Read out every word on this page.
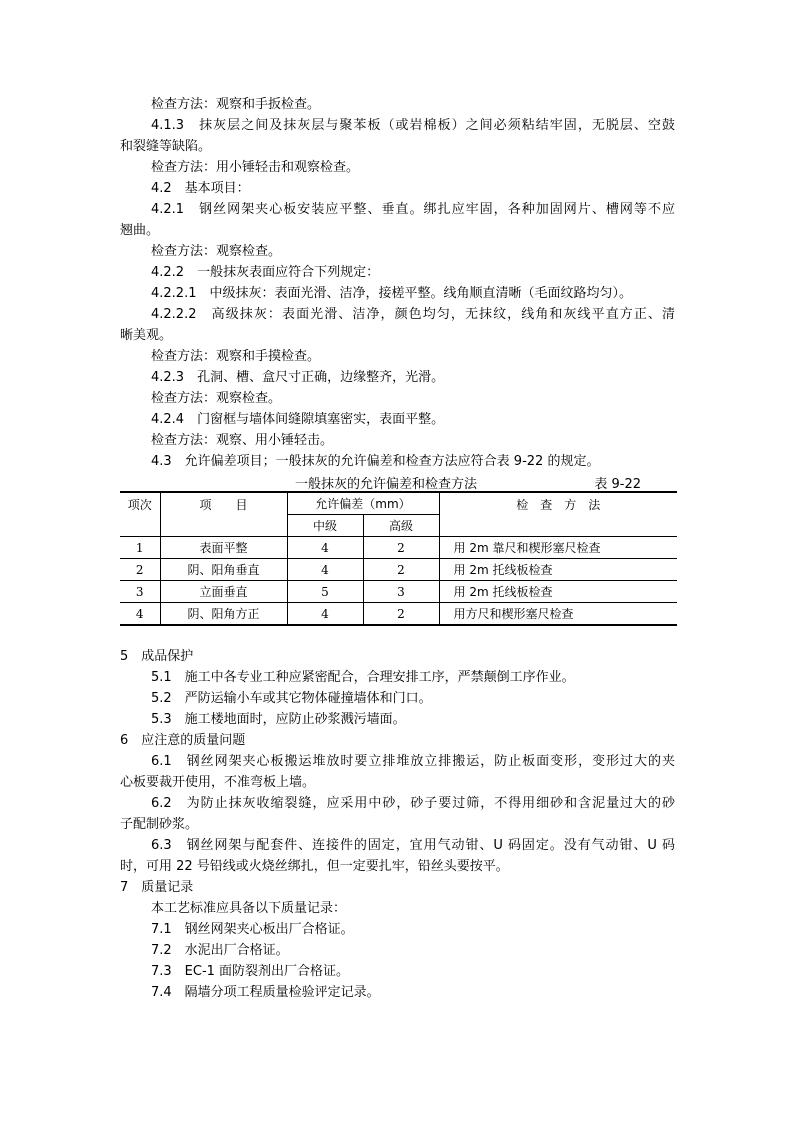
检查方法：观察和手扳检查。
4.1.3　抹灰层之间及抹灰层与聚苯板（或岩棉板）之间必须粘结牢固，无脱层、空鼓
和裂缝等缺陷。
检查方法：用小锤轻击和观察检查。
4.2　基本项目：
4.2.1　钢丝网架夹心板安装应平整、垂直。绑扎应牢固，各种加固网片、槽网等不应
翘曲。
检查方法：观察检查。
4.2.2　一般抹灰表面应符合下列规定：
4.2.2.1　中级抹灰：表面光滑、洁净，接槎平整。线角顺直清晰（毛面纹路均匀）。
4.2.2.2　高级抹灰：表面光滑、洁净，颜色均匀，无抹纹，线角和灰线平直方正、清
晰美观。
检查方法：观察和手摸检查。
4.2.3　孔洞、槽、盒尺寸正确，边缘整齐，光滑。
检查方法：观察检查。
4.2.4　门窗框与墙体间缝隙填塞密实，表面平整。
检查方法：观察、用小锤轻击。
4.3　允许偏差项目；一般抹灰的允许偏差和检查方法应符合表 9-22 的规定。
一般抹灰的允许偏差和检查方法	表 9-22
项次	项　　目	允许偏差（mm）		检　查　方　法
		中级	高级	
1	表面平整	4	2	用 2m 靠尺和楔形塞尺检查
2	阴、阳角垂直	4	2	用 2m 托线板检查
3	立面垂直	5	3	用 2m 托线板检查
4	阴、阳角方正	4	2	用方尺和楔形塞尺检查
5　成品保护
5.1　施工中各专业工种应紧密配合，合理安排工序，严禁颠倒工序作业。
5.2　严防运输小车或其它物体碰撞墙体和门口。
5.3　施工楼地面时，应防止砂浆溅污墙面。
6　应注意的质量问题
6.1　钢丝网架夹心板搬运堆放时要立排堆放立排搬运，防止板面变形，变形过大的夹
心板要裁开使用，不准弯板上墙。
6.2　为防止抹灰收缩裂缝，应采用中砂，砂子要过筛，不得用细砂和含泥量过大的砂
子配制砂浆。
6.3　钢丝网架与配套件、连接件的固定，宜用气动钳、U 码固定。没有气动钳、U 码
时，可用 22 号铅线或火烧丝绑扎，但一定要扎牢，铅丝头要按平。
7　质量记录
本工艺标准应具备以下质量记录：
7.1　钢丝网架夹心板出厂合格证。
7.2　水泥出厂合格证。
7.3　EC-1 面防裂剂出厂合格证。
7.4　隔墙分项工程质量检验评定记录。
